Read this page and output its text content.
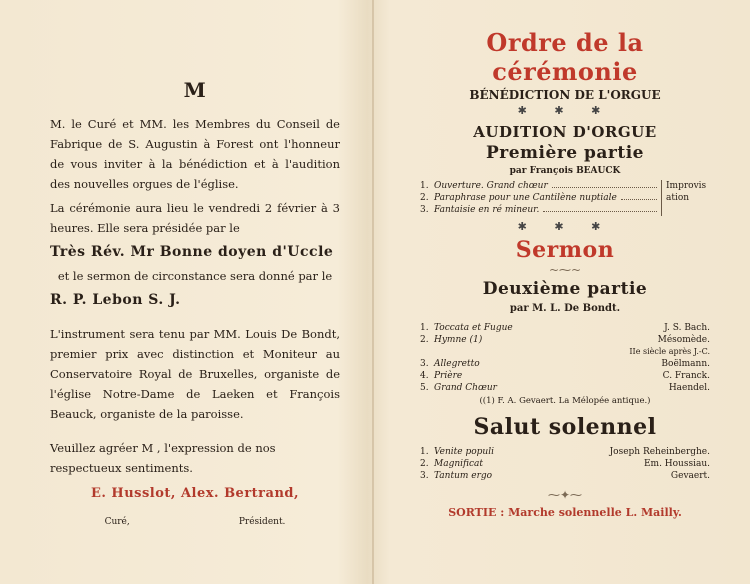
M

M. le Curé et MM. les Membres du Conseil de Fabrique de S. Augustin à Forest ont l'honneur de vous inviter à la bénédiction et à l'audition des nouvelles orgues de l'église.

La cérémonie aura lieu le vendredi 2 février à 3 heures. Elle sera présidée par le

Très Rév. Mr Bonne doyen d'Uccle

et le sermon de circonstance sera donné par le

R. P. Lebon S. J.

L'instrument sera tenu par MM. Louis De Bondt, premier prix avec distinction et Moniteur au Conservatoire Royal de Bruxelles, organiste de l'église Notre-Dame de Laeken et François Beauck, organiste de la paroisse.

Veuillez agréer M , l'expression de nos respectueux sentiments.

E. Husslot, Alex. Bertrand,

Curé,	Président.
Ordre de la cérémonie
BÉNÉDICTION DE L'ORGUE
✱ ✱ ✱
AUDITION D'ORGUE
Première partie
par François BEAUCK
1. Ouverture. Grand chœur
2. Paraphrase pour une Cantilène nuptiale
3. Fantaisie en ré mineur.
Improvisation
✱ ✱ ✱
Sermon
~⁓~
Deuxième partie
par M. L. De Bondt.
1. Toccata et Fugue	J. S. Bach.
2. Hymne (1)	Mésomède.
IIe siècle après J.-C.
3. Allegretto	Boëlmann.
4. Prière	C. Franck.
5. Grand Chœur	Haendel.
((1) F. A. Gevaert. La Mélopée antique.)
Salut solennel
1. Venite populi	Joseph Reheinberghe.
2. Magnificat	Em. Houssiau.
3. Tantum ergo	Gevaert.
⁓✦⁓
SORTIE : Marche solennelle L. Mailly.
